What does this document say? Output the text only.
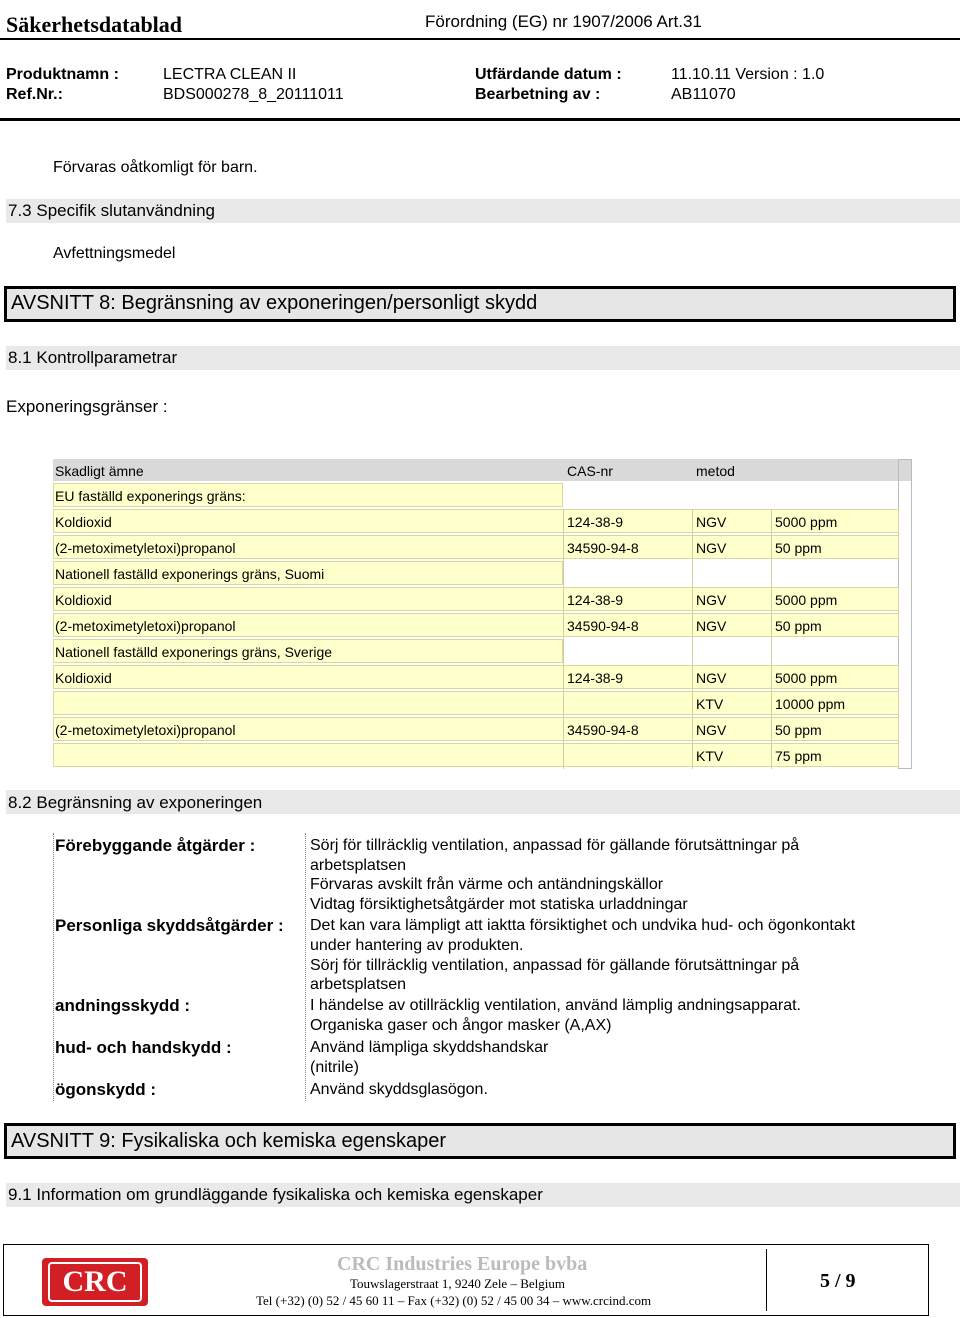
Säkerhetsdatablad	Förordning (EG) nr 1907/2006 Art.31
Produktnamn :	LECTRA CLEAN II	Utfärdande datum :	11.10.11 Version : 1.0
Ref.Nr.:	BDS000278_8_20111011	Bearbetning av :	AB11070
Förvaras oåtkomligt för barn.
7.3 Specifik slutanvändning
Avfettningsmedel
AVSNITT 8: Begränsning av exponeringen/personligt skydd
8.1 Kontrollparametrar
Exponeringsgränser :
Skadligt ämne	CAS-nr	metod
EU faställd exponerings gräns:
Koldioxid	124-38-9	NGV	5000 ppm
(2-metoximetyletoxi)propanol	34590-94-8	NGV	50 ppm
Nationell faställd exponerings gräns, Suomi
Koldioxid	124-38-9	NGV	5000 ppm
(2-metoximetyletoxi)propanol	34590-94-8	NGV	50 ppm
Nationell faställd exponerings gräns, Sverige
Koldioxid	124-38-9	NGV	5000 ppm
KTV	10000 ppm
(2-metoximetyletoxi)propanol	34590-94-8	NGV	50 ppm
KTV	75 ppm
8.2 Begränsning av exponeringen
Förebyggande åtgärder :	Sörj för tillräcklig ventilation, anpassad för gällande förutsättningar på
arbetsplatsen
Förvaras avskilt från värme och antändningskällor
Vidtag försiktighetsåtgärder mot statiska urladdningar
Personliga skyddsåtgärder : Det kan vara lämpligt att iaktta försiktighet och undvika hud- och ögonkontakt
under hantering av produkten.
Sörj för tillräcklig ventilation, anpassad för gällande förutsättningar på
arbetsplatsen
andningsskydd :	I händelse av otillräcklig ventilation, använd lämplig andningsapparat.
Organiska gaser och ångor masker (A,AX)
hud- och handskydd :	Använd lämpliga skyddshandskar
(nitrile)
ögonskydd :	Använd skyddsglasögon.
AVSNITT 9: Fysikaliska och kemiska egenskaper
9.1 Information om grundläggande fysikaliska och kemiska egenskaper
CRC
CRC Industries Europe bvba
Touwslagerstraat 1, 9240 Zele – Belgium
Tel (+32) (0) 52 / 45 60 11 – Fax (+32) (0) 52 / 45 00 34 – www.crcind.com
5 / 9
